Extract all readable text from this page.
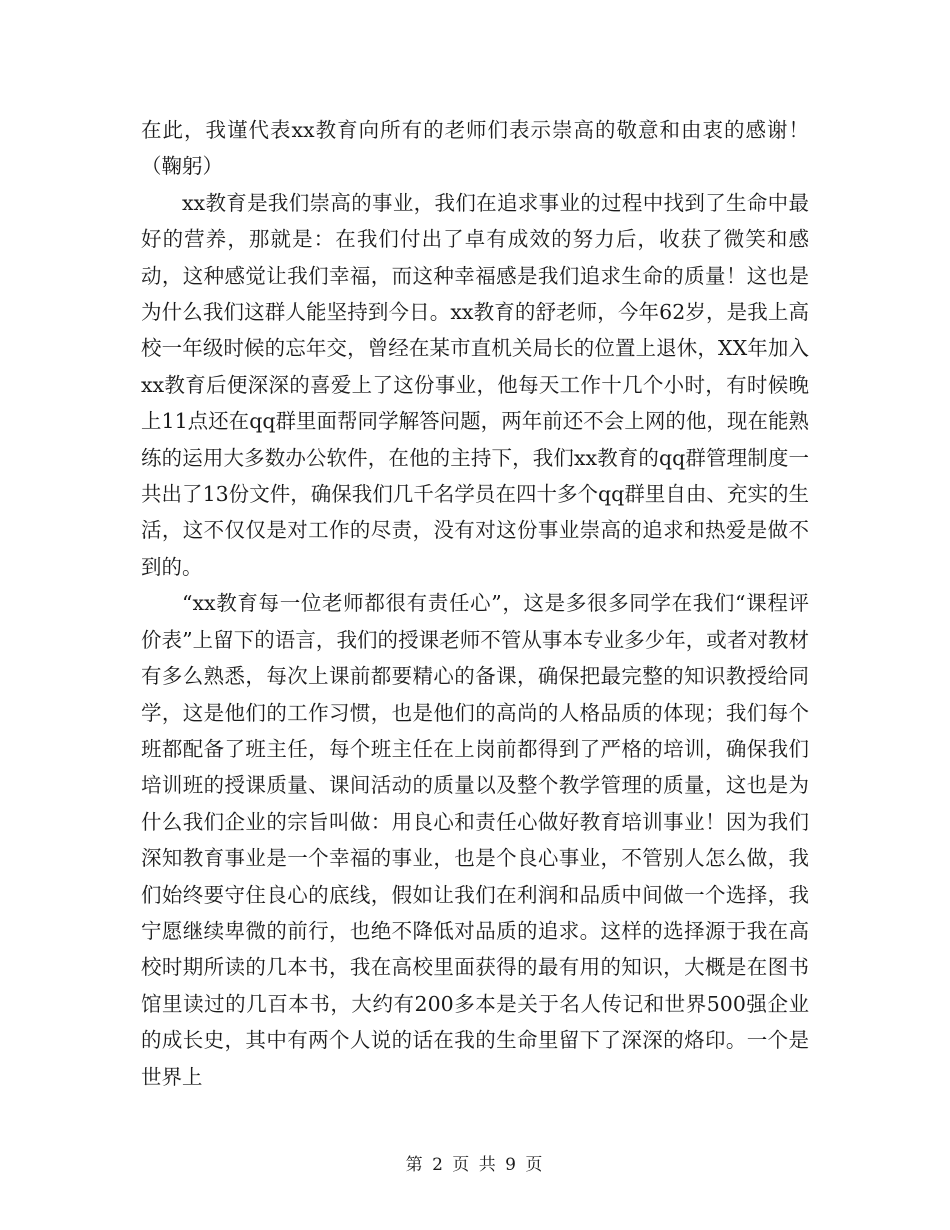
在此，我谨代表xx教育向所有的老师们表示崇高的敬意和由衷的感谢！（鞠躬）

xx教育是我们崇高的事业，我们在追求事业的过程中找到了生命中最好的营养，那就是：在我们付出了卓有成效的努力后，收获了微笑和感动，这种感觉让我们幸福，而这种幸福感是我们追求生命的质量！这也是为什么我们这群人能坚持到今日。xx教育的舒老师，今年62岁，是我上高校一年级时候的忘年交，曾经在某市直机关局长的位置上退休，XX年加入xx教育后便深深的喜爱上了这份事业，他每天工作十几个小时，有时候晚上11点还在qq群里面帮同学解答问题，两年前还不会上网的他，现在能熟练的运用大多数办公软件，在他的主持下，我们xx教育的qq群管理制度一共出了13份文件，确保我们几千名学员在四十多个qq群里自由、充实的生活，这不仅仅是对工作的尽责，没有对这份事业崇高的追求和热爱是做不到的。

“xx教育每一位老师都很有责任心”，这是多很多同学在我们“课程评价表”上留下的语言，我们的授课老师不管从事本专业多少年，或者对教材有多么熟悉，每次上课前都要精心的备课，确保把最完整的知识教授给同学，这是他们的工作习惯，也是他们的高尚的人格品质的体现；我们每个班都配备了班主任，每个班主任在上岗前都得到了严格的培训，确保我们培训班的授课质量、课间活动的质量以及整个教学管理的质量，这也是为什么我们企业的宗旨叫做：用良心和责任心做好教育培训事业！因为我们深知教育事业是一个幸福的事业，也是个良心事业，不管别人怎么做，我们始终要守住良心的底线，假如让我们在利润和品质中间做一个选择，我宁愿继续卑微的前行，也绝不降低对品质的追求。这样的选择源于我在高校时期所读的几本书，我在高校里面获得的最有用的知识，大概是在图书馆里读过的几百本书，大约有200多本是关于名人传记和世界500强企业的成长史，其中有两个人说的话在我的生命里留下了深深的烙印。一个是世界上

第 2 页 共 9 页
